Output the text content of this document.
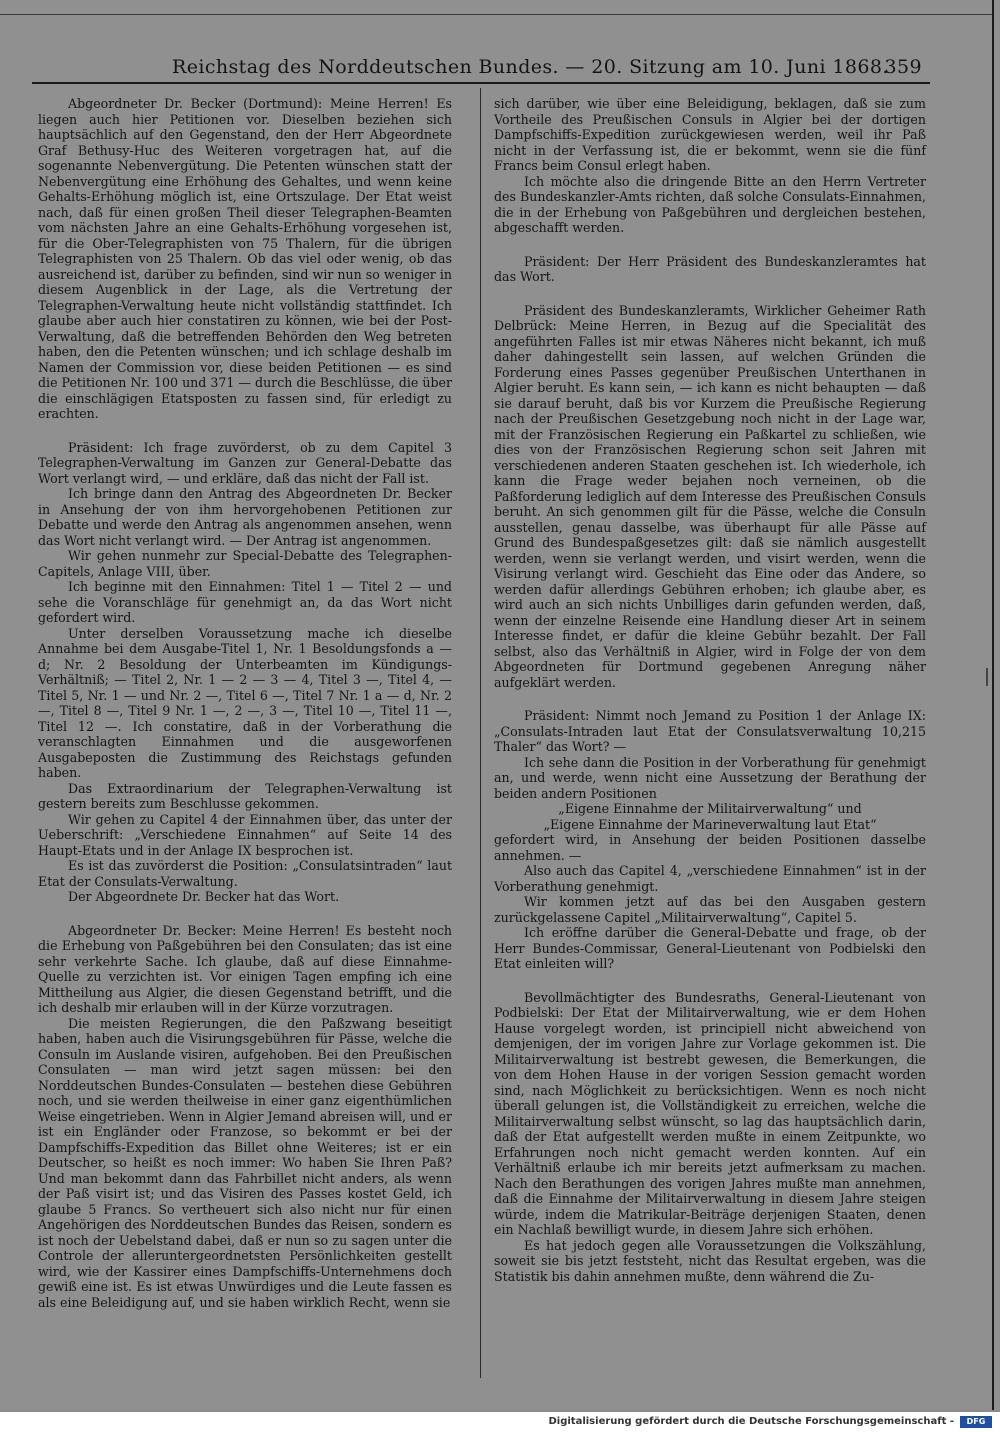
Reichstag des Norddeutschen Bundes. — 20. Sitzung am 10. Juni 1868.
359

Abgeordneter Dr. Becker (Dortmund): Meine Herren! Es liegen auch hier Petitionen vor. Dieselben beziehen sich hauptsächlich auf den Gegenstand, den der Herr Abgeordnete Graf Bethusy-Huc des Weiteren vorgetragen hat, auf die sogenannte Nebenvergütung. Die Petenten wünschen statt der Nebenvergütung eine Erhöhung des Gehaltes, und wenn keine Gehalts-Erhöhung möglich ist, eine Ortszulage. Der Etat weist nach, daß für einen großen Theil dieser Telegraphen-Beamten vom nächsten Jahre an eine Gehalts-Erhöhung vorgesehen ist, für die Ober-Telegraphisten von 75 Thalern, für die übrigen Telegraphisten von 25 Thalern. Ob das viel oder wenig, ob das ausreichend ist, darüber zu befinden, sind wir nun so weniger in diesem Augenblick in der Lage, als die Vertretung der Telegraphen-Verwaltung heute nicht vollständig stattfindet. Ich glaube aber auch hier constatiren zu können, wie bei der Post-Verwaltung, daß die betreffenden Behörden den Weg betreten haben, den die Petenten wünschen; und ich schlage deshalb im Namen der Commission vor, diese beiden Petitionen — es sind die Petitionen Nr. 100 und 371 — durch die Beschlüsse, die über die einschlägigen Etatsposten zu fassen sind, für erledigt zu erachten.

Präsident: Ich frage zuvörderst, ob zu dem Capitel 3 Telegraphen-Verwaltung im Ganzen zur General-Debatte das Wort verlangt wird, — und erkläre, daß das nicht der Fall ist.

Ich bringe dann den Antrag des Abgeordneten Dr. Becker in Ansehung der von ihm hervorgehobenen Petitionen zur Debatte und werde den Antrag als angenommen ansehen, wenn das Wort nicht verlangt wird. — Der Antrag ist angenommen.

Wir gehen nunmehr zur Special-Debatte des Telegraphen-Capitels, Anlage VIII, über.

Ich beginne mit den Einnahmen: Titel 1 — Titel 2 — und sehe die Voranschläge für genehmigt an, da das Wort nicht gefordert wird.

Unter derselben Voraussetzung mache ich dieselbe Annahme bei dem Ausgabe-Titel 1, Nr. 1 Besoldungsfonds a — d; Nr. 2 Besoldung der Unterbeamten im Kündigungs-Verhältniß; — Titel 2, Nr. 1 — 2 — 3 — 4, Titel 3 —, Titel 4, — Titel 5, Nr. 1 — und Nr. 2 —, Titel 6 —, Titel 7 Nr. 1 a — d, Nr. 2 —, Titel 8 —, Titel 9 Nr. 1 —, 2 —, 3 —, Titel 10 —, Titel 11 —, Titel 12 —. Ich constatire, daß in der Vorberathung die veranschlagten Einnahmen und die ausgeworfenen Ausgabeposten die Zustimmung des Reichstags gefunden haben.

Das Extraordinarium der Telegraphen-Verwaltung ist gestern bereits zum Beschlusse gekommen.

Wir gehen zu Capitel 4 der Einnahmen über, das unter der Ueberschrift: „Verschiedene Einnahmen“ auf Seite 14 des Haupt-Etats und in der Anlage IX besprochen ist.

Es ist das zuvörderst die Position: „Consulatsintraden“ laut Etat der Consulats-Verwaltung.

Der Abgeordnete Dr. Becker hat das Wort.

Abgeordneter Dr. Becker: Meine Herren! Es besteht noch die Erhebung von Paßgebühren bei den Consulaten; das ist eine sehr verkehrte Sache. Ich glaube, daß auf diese Einnahme-Quelle zu verzichten ist. Vor einigen Tagen empfing ich eine Mittheilung aus Algier, die diesen Gegenstand betrifft, und die ich deshalb mir erlauben will in der Kürze vorzutragen.

Die meisten Regierungen, die den Paßzwang beseitigt haben, haben auch die Visirungsgebühren für Pässe, welche die Consuln im Auslande visiren, aufgehoben. Bei den Preußischen Consulaten — man wird jetzt sagen müssen: bei den Norddeutschen Bundes-Consulaten — bestehen diese Gebühren noch, und sie werden theilweise in einer ganz eigenthümlichen Weise eingetrieben. Wenn in Algier Jemand abreisen will, und er ist ein Engländer oder Franzose, so bekommt er bei der Dampfschiffs-Expedition das Billet ohne Weiteres; ist er ein Deutscher, so heißt es noch immer: Wo haben Sie Ihren Paß? Und man bekommt dann das Fahrbillet nicht anders, als wenn der Paß visirt ist; und das Visiren des Passes kostet Geld, ich glaube 5 Francs. So vertheuert sich also nicht nur für einen Angehörigen des Norddeutschen Bundes das Reisen, sondern es ist noch der Uebelstand dabei, daß er nun so zu sagen unter die Controle der alleruntergeordnetsten Persönlichkeiten gestellt wird, wie der Kassirer eines Dampfschiffs-Unternehmens doch gewiß eine ist. Es ist etwas Unwürdiges und die Leute fassen es als eine Beleidigung auf, und sie haben wirklich Recht, wenn sie

sich darüber, wie über eine Beleidigung, beklagen, daß sie zum Vortheile des Preußischen Consuls in Algier bei der dortigen Dampfschiffs-Expedition zurückgewiesen werden, weil ihr Paß nicht in der Verfassung ist, die er bekommt, wenn sie die fünf Francs beim Consul erlegt haben.

Ich möchte also die dringende Bitte an den Herrn Vertreter des Bundeskanzler-Amts richten, daß solche Consulats-Einnahmen, die in der Erhebung von Paßgebühren und dergleichen bestehen, abgeschafft werden.

Präsident: Der Herr Präsident des Bundeskanzleramtes hat das Wort.

Präsident des Bundeskanzleramts, Wirklicher Geheimer Rath Delbrück: Meine Herren, in Bezug auf die Specialität des angeführten Falles ist mir etwas Näheres nicht bekannt, ich muß daher dahingestellt sein lassen, auf welchen Gründen die Forderung eines Passes gegenüber Preußischen Unterthanen in Algier beruht. Es kann sein, — ich kann es nicht behaupten — daß sie darauf beruht, daß bis vor Kurzem die Preußische Regierung nach der Preußischen Gesetzgebung noch nicht in der Lage war, mit der Französischen Regierung ein Paßkartel zu schließen, wie dies von der Französischen Regierung schon seit Jahren mit verschiedenen anderen Staaten geschehen ist. Ich wiederhole, ich kann die Frage weder bejahen noch verneinen, ob die Paßforderung lediglich auf dem Interesse des Preußischen Consuls beruht. An sich genommen gilt für die Pässe, welche die Consuln ausstellen, genau dasselbe, was überhaupt für alle Pässe auf Grund des Bundespaßgesetzes gilt: daß sie nämlich ausgestellt werden, wenn sie verlangt werden, und visirt werden, wenn die Visirung verlangt wird. Geschieht das Eine oder das Andere, so werden dafür allerdings Gebühren erhoben; ich glaube aber, es wird auch an sich nichts Unbilliges darin gefunden werden, daß, wenn der einzelne Reisende eine Handlung dieser Art in seinem Interesse findet, er dafür die kleine Gebühr bezahlt. Der Fall selbst, also das Verhältniß in Algier, wird in Folge der von dem Abgeordneten für Dortmund gegebenen Anregung näher aufgeklärt werden.

Präsident: Nimmt noch Jemand zu Position 1 der Anlage IX: „Consulats-Intraden laut Etat der Consulatsverwaltung 10,215 Thaler“ das Wort? —

Ich sehe dann die Position in der Vorberathung für genehmigt an, und werde, wenn nicht eine Aussetzung der Berathung der beiden andern Positionen

„Eigene Einnahme der Militairverwaltung“ und

„Eigene Einnahme der Marineverwaltung laut Etat“

gefordert wird, in Ansehung der beiden Positionen dasselbe annehmen. —

Also auch das Capitel 4, „verschiedene Einnahmen“ ist in der Vorberathung genehmigt.

Wir kommen jetzt auf das bei den Ausgaben gestern zurückgelassene Capitel „Militairverwaltung“, Capitel 5.

Ich eröffne darüber die General-Debatte und frage, ob der Herr Bundes-Commissar, General-Lieutenant von Podbielski den Etat einleiten will?

Bevollmächtigter des Bundesraths, General-Lieutenant von Podbielski: Der Etat der Militairverwaltung, wie er dem Hohen Hause vorgelegt worden, ist principiell nicht abweichend von demjenigen, der im vorigen Jahre zur Vorlage gekommen ist. Die Militairverwaltung ist bestrebt gewesen, die Bemerkungen, die von dem Hohen Hause in der vorigen Session gemacht worden sind, nach Möglichkeit zu berücksichtigen. Wenn es noch nicht überall gelungen ist, die Vollständigkeit zu erreichen, welche die Militairverwaltung selbst wünscht, so lag das hauptsächlich darin, daß der Etat aufgestellt werden mußte in einem Zeitpunkte, wo Erfahrungen noch nicht gemacht werden konnten. Auf ein Verhältniß erlaube ich mir bereits jetzt aufmerksam zu machen. Nach den Berathungen des vorigen Jahres mußte man annehmen, daß die Einnahme der Militairverwaltung in diesem Jahre steigen würde, indem die Matrikular-Beiträge derjenigen Staaten, denen ein Nachlaß bewilligt wurde, in diesem Jahre sich erhöhen.

Es hat jedoch gegen alle Voraussetzungen die Volkszählung, soweit sie bis jetzt feststeht, nicht das Resultat ergeben, was die Statistik bis dahin annehmen mußte, denn während die Zu-

Digitalisierung gefördert durch die Deutsche Forschungsgemeinschaft -	DFG
